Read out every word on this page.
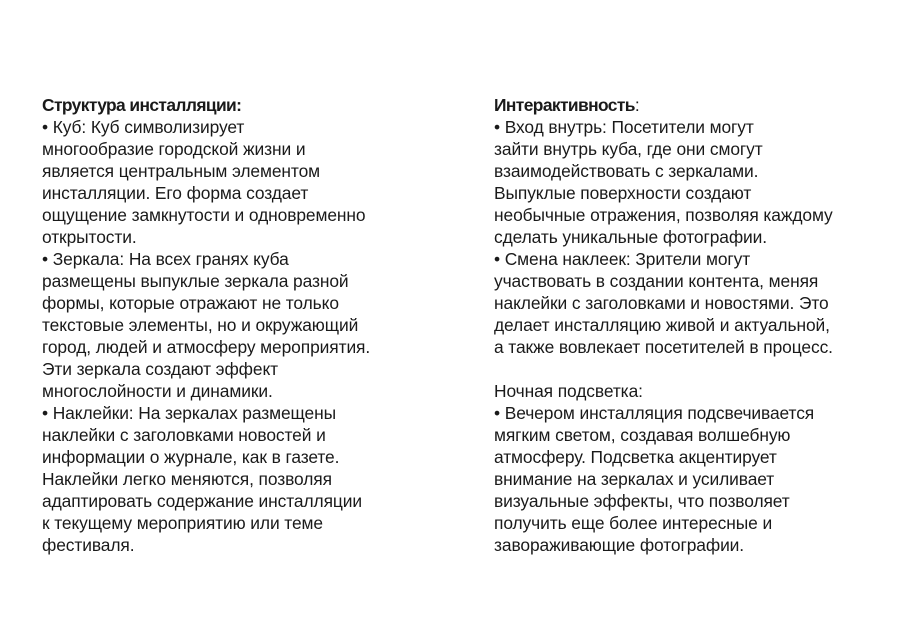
Структура инсталляции:
• Куб: Куб символизирует
многообразие городской жизни и
является центральным элементом
инсталляции. Его форма создает
ощущение замкнутости и одновременно
открытости.
• Зеркала: На всех гранях куба
размещены выпуклые зеркала разной
формы, которые отражают не только
текстовые элементы, но и окружающий
город, людей и атмосферу мероприятия.
Эти зеркала создают эффект
многослойности и динамики.
• Наклейки: На зеркалах размещены
наклейки с заголовками новостей и
информации о журнале, как в газете.
Наклейки легко меняются, позволяя
адаптировать содержание инсталляции
к текущему мероприятию или теме
фестиваля.
Интерактивность:
• Вход внутрь: Посетители могут
зайти внутрь куба, где они смогут
взаимодействовать с зеркалами.
Выпуклые поверхности создают
необычные отражения, позволяя каждому
сделать уникальные фотографии.
• Смена наклеек: Зрители могут
участвовать в создании контента, меняя
наклейки с заголовками и новостями. Это
делает инсталляцию живой и актуальной,
а также вовлекает посетителей в процесс.
Ночная подсветка:
• Вечером инсталляция подсвечивается
мягким светом, создавая волшебную
атмосферу. Подсветка акцентирует
внимание на зеркалах и усиливает
визуальные эффекты, что позволяет
получить еще более интересные и
завораживающие фотографии.
